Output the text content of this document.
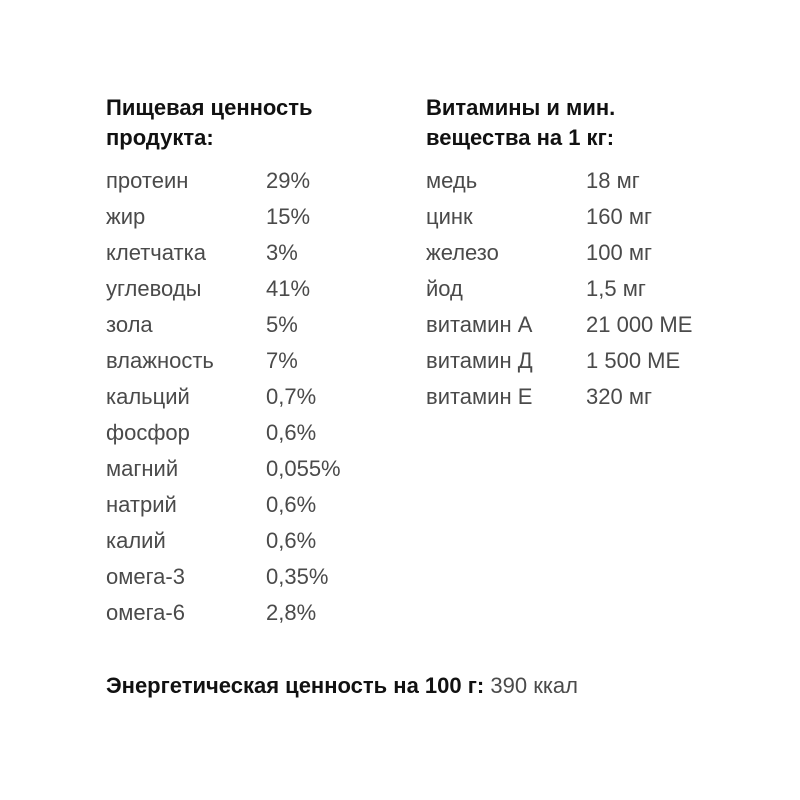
Пищевая ценность
продукта:
протеин	29%
жир	15%
клетчатка	3%
углеводы	41%
зола	5%
влажность	7%
кальций	0,7%
фосфор	0,6%
магний	0,055%
натрий	0,6%
калий	0,6%
омега-3	0,35%
омега-6	2,8%
Витамины и мин.
вещества на 1 кг:
медь	18 мг
цинк	160 мг
железо	100 мг
йод	1,5 мг
витамин А	21 000 МЕ
витамин Д	1 500 МЕ
витамин Е	320 мг
Энергетическая ценность на 100 г: 390 ккал
